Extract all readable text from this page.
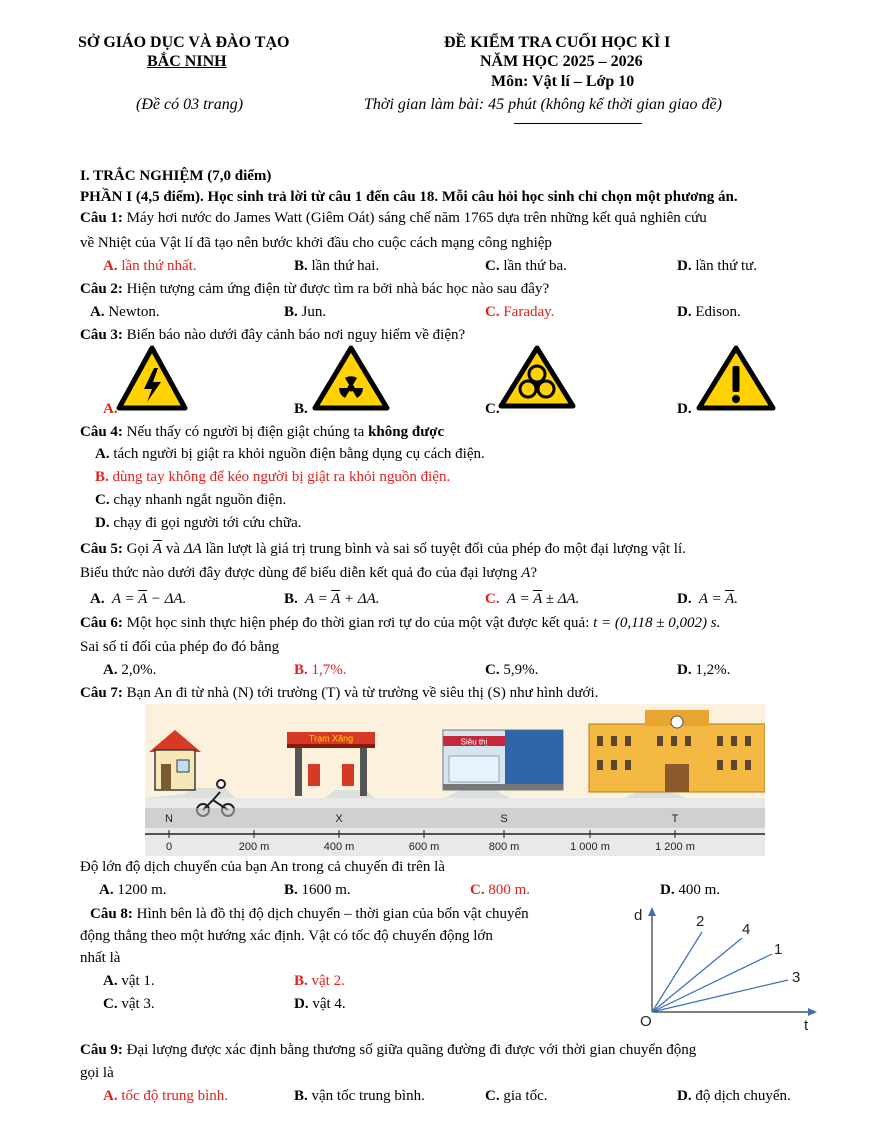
SỞ GIÁO DỤC VÀ ĐÀO TẠO
BẮC NINH
(Đề có 03 trang)
ĐỀ KIỂM TRA CUỐI HỌC KÌ I
NĂM HỌC 2025 – 2026
Môn: Vật lí – Lớp 10
Thời gian làm bài: 45 phút (không kể thời gian giao đề)
I. TRẮC NGHIỆM (7,0 điểm)
PHẦN I (4,5 điểm). Học sinh trả lời từ câu 1 đến câu 18. Mỗi câu hỏi học sinh chỉ chọn một phương án.
Câu 1: Máy hơi nước do James Watt (Giêm Oát) sáng chế năm 1765 dựa trên những kết quả nghiên cứu
về Nhiệt của Vật lí đã tạo nên bước khởi đầu cho cuộc cách mạng công nghiệp
A. lần thứ nhất.	B. lần thứ hai.	C. lần thứ ba.	D. lần thứ tư.
Câu 2: Hiện tượng cảm ứng điện từ được tìm ra bởi nhà bác học nào sau đây?
A. Newton.	B. Jun.	C. Faraday.	D. Edison.
Câu 3: Biển báo nào dưới đây cảnh báo nơi nguy hiểm về điện?
A.	B.	C.	D.
Câu 4: Nếu thấy có người bị điện giật chúng ta không được
A. tách người bị giật ra khỏi nguồn điện bằng dụng cụ cách điện.
B. dùng tay không để kéo người bị giật ra khỏi nguồn điện.
C. chạy nhanh ngắt nguồn điện.
D. chạy đi gọi người tới cứu chữa.
Câu 5: Gọi $\overline{A}$ và ΔA lần lượt là giá trị trung bình và sai số tuyệt đối của phép đo một đại lượng vật lí.
Biểu thức nào dưới đây được dùng để biểu diễn kết quả đo của đại lượng A?
A. $A = \overline{A} - \Delta A$.	B. $A = \overline{A} + \Delta A$.	C. $A = \overline{A} \pm \Delta A$.	D. $A = \overline{A}$.
Câu 6: Một học sinh thực hiện phép đo thời gian rơi tự do của một vật được kết quả: t = (0,118 ± 0,002) s.
Sai số tỉ đối của phép đo đó bằng
A. 2,0%.	B. 1,7%.	C. 5,9%.	D. 1,2%.
Câu 7: Bạn An đi từ nhà (N) tới trường (T) và từ trường về siêu thị (S) như hình dưới.
Trạm Xăng	Siêu thị
N	X	S	T
0	200 m	400 m	600 m	800 m	1 000 m	1 200 m
Độ lớn độ dịch chuyển của bạn An trong cả chuyến đi trên là
A. 1200 m.	B. 1600 m.	C. 800 m.	D. 400 m.
Câu 8: Hình bên là đồ thị độ dịch chuyển – thời gian của bốn vật chuyển
động thẳng theo một hướng xác định. Vật có tốc độ chuyển động lớn
nhất là
A. vật 1.	B. vật 2.
C. vật 3.	D. vật 4.
d
t
O
2	4
1
3
Câu 9: Đại lượng được xác định bằng thương số giữa quãng đường đi được với thời gian chuyển động
gọi là
A. tốc độ trung bình.	B. vận tốc trung bình.	C. gia tốc.	D. độ dịch chuyển.
